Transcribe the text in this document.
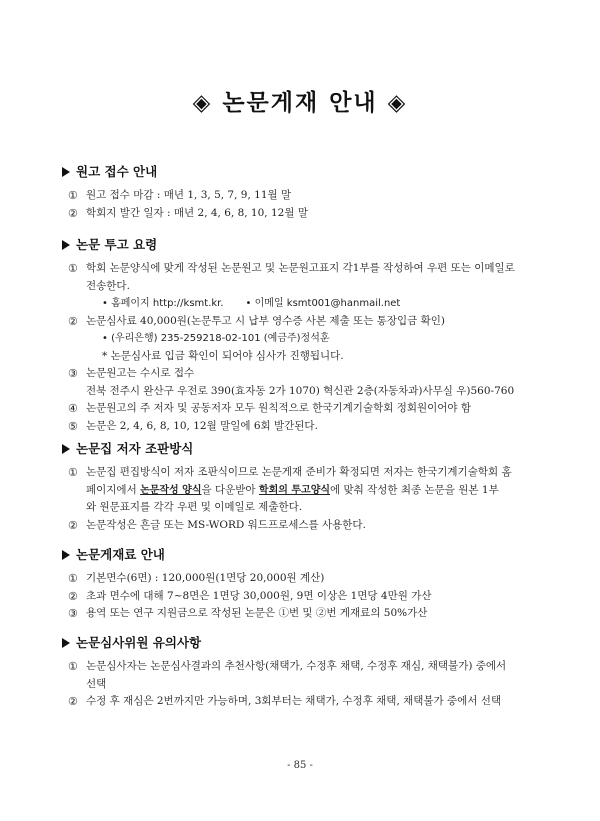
◈ 논문게재 안내 ◈
원고 접수 안내
① 원고 접수 마감 : 매년 1, 3, 5, 7, 9, 11월 말
② 학회지 발간 일자 : 매년 2, 4, 6, 8, 10, 12월 말
논문 투고 요령
① 학회 논문양식에 맞게 작성된 논문원고 및 논문원고표지 각1부를 작성하여 우편 또는 이메일로
전송한다.
• 홈페이지 http://ksmt.kr. • 이메일 ksmt001@hanmail.net
② 논문심사료 40,000원(논문투고 시 납부 영수증 사본 제출 또는 통장입금 확인)
• (우리은행) 235-259218-02-101 (예금주)정석훈
* 논문심사료 입금 확인이 되어야 심사가 진행됩니다.
③ 논문원고는 수시로 접수
전북 전주시 완산구 우전로 390(효자동 2가 1070) 혁신관 2층(자동차과)사무실 우)560-760
④ 논문원고의 주 저자 및 공동저자 모두 원칙적으로 한국기계기술학회 정회원이어야 함
⑤ 논문은 2, 4, 6, 8, 10, 12월 말일에 6회 발간된다.
논문집 저자 조판방식
① 논문집 편집방식이 저자 조판식이므로 논문게재 준비가 확정되면 저자는 한국기계기술학회 홈
페이지에서 논문작성 양식을 다운받아 학회의 투고양식에 맞춰 작성한 최종 논문을 원본 1부
와 원문표지를 각각 우편 및 이메일로 제출한다.
② 논문작성은 흔글 또는 MS-WORD 워드프로세스를 사용한다.
논문게재료 안내
① 기본면수(6면) : 120,000원(1면당 20,000원 계산)
② 초과 면수에 대해 7~8면은 1면당 30,000원, 9면 이상은 1면당 4만원 가산
③ 용역 또는 연구 지원금으로 작성된 논문은 ①번 및 ②번 게재료의 50%가산
논문심사위원 유의사항
① 논문심사자는 논문심사결과의 추천사항(채택가, 수정후 채택, 수정후 재심, 채택불가) 중에서
선택
② 수정 후 재심은 2번까지만 가능하며, 3회부터는 채택가, 수정후 채택, 채택불가 중에서 선택
- 85 -
